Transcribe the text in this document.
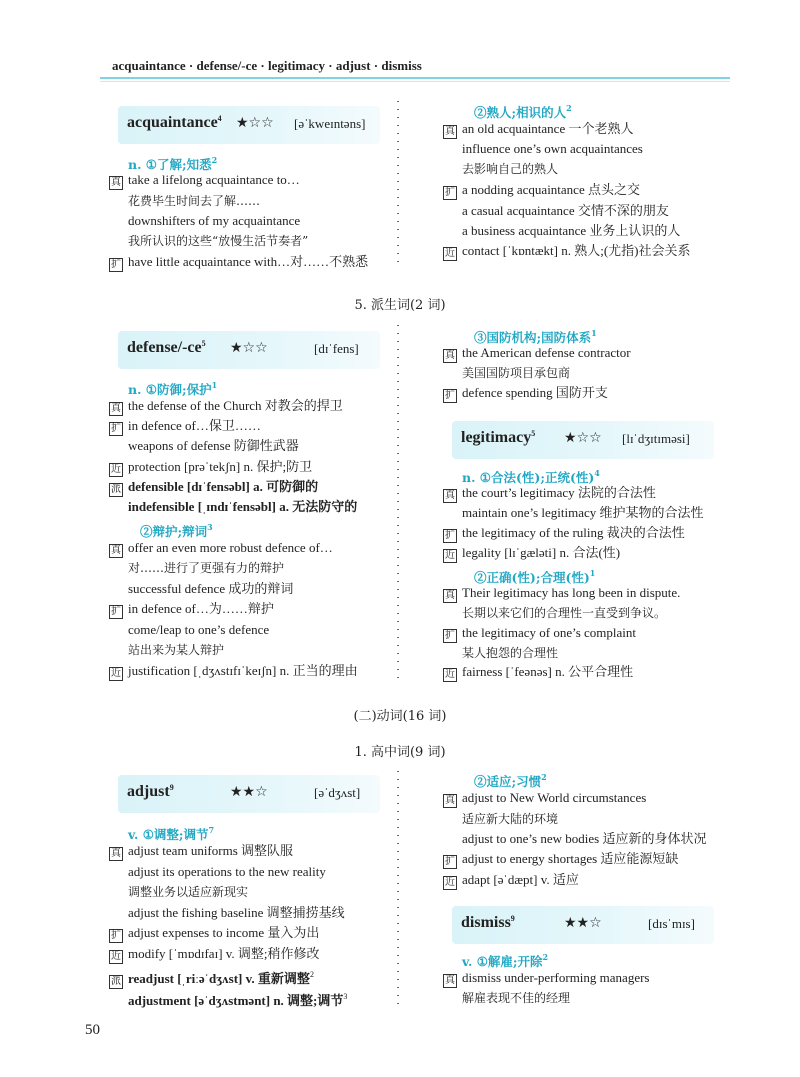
acquaintance · defense/-ce · legitimacy · adjust · dismiss
acquaintance$^4$ ★☆☆ [əˈkweɪntəns]
n. ①了解;知悉$^2$
真 take a lifelong acquaintance to…
花费毕生时间去了解……
downshifters of my acquaintance
我所认识的这些“放慢生活节奏者”
扩 have little acquaintance with…对……不熟悉
②熟人;相识的人$^2$
真 an old acquaintance 一个老熟人
influence one’s own acquaintances
去影响自己的熟人
扩 a nodding acquaintance 点头之交
a casual acquaintance 交情不深的朋友
a business acquaintance 业务上认识的人
近 contact [ˈkɒntækt] n. 熟人;(尤指)社会关系
5. 派生词(2 词)
defense/$-ce^5$ ★☆☆	[dɪˈfens]
n. ①防御;保护$^1$
真 the defense of the Church 对教会的捍卫
扩 in defence of…保卫……
weapons of defense 防御性武器
近 protection [prəˈtekʃn] n. 保护;防卫
派 defensible [dɪˈfensəbl] a. 可防御的
indefensible [ˌɪndɪˈfensəbl] a. 无法防守的
②辩护;辩词$^3$
真 offer an even more robust defence of…
对……进行了更强有力的辩护
successful defence 成功的辩词
扩 in defence of…为……辩护
come/leap to one’s defence
站出来为某人辩护
近 justification [ˌdʒʌstɪfɪˈkeɪʃn] n. 正当的理由
③国防机构;国防体系$^1$
真 the American defense contractor
美国国防项目承包商
扩 defence spending 国防开支
legitimacy$^5$ ★☆☆ [lɪˈdʒɪtɪməsi]
n. ①合法(性);正统(性)$^4$
真 the court’s legitimacy 法院的合法性
maintain one’s legitimacy 维护某物的合法性
扩 the legitimacy of the ruling 裁决的合法性
近 legality [lɪˈgæləti] n. 合法(性)
②正确(性);合理(性)$^1$
真 Their legitimacy has long been in dispute.
长期以来它们的合理性一直受到争议。
扩 the legitimacy of one’s complaint
某人抱怨的合理性
近 fairness [ˈfeənəs] n. 公平合理性
(二)动词(16 词)
1. 高中词(9 词)
adjust$^9$	★★☆	[əˈdʒʌst]
v. ①调整;调节$^7$
真 adjust team uniforms 调整队服
adjust its operations to the new reality
调整业务以适应新现实
adjust the fishing baseline 调整捕捞基线
扩 adjust expenses to income 量入为出
近 modify [ˈmɒdɪfaɪ] v. 调整;稍作修改
派 readjust [ˌriːəˈdʒʌst] v. 重新调整$^2$
adjustment [əˈdʒʌstmənt] n. 调整;调节$^3$
②适应;习惯$^2$
真 adjust to New World circumstances
适应新大陆的环境
adjust to one’s new bodies 适应新的身体状况
扩 adjust to energy shortages 适应能源短缺
近 adapt [əˈdæpt] v. 适应
dismiss$^9$	★★☆	[dɪsˈmɪs]
v. ①解雇;开除$^2$
真 dismiss under-performing managers
解雇表现不佳的经理
50
